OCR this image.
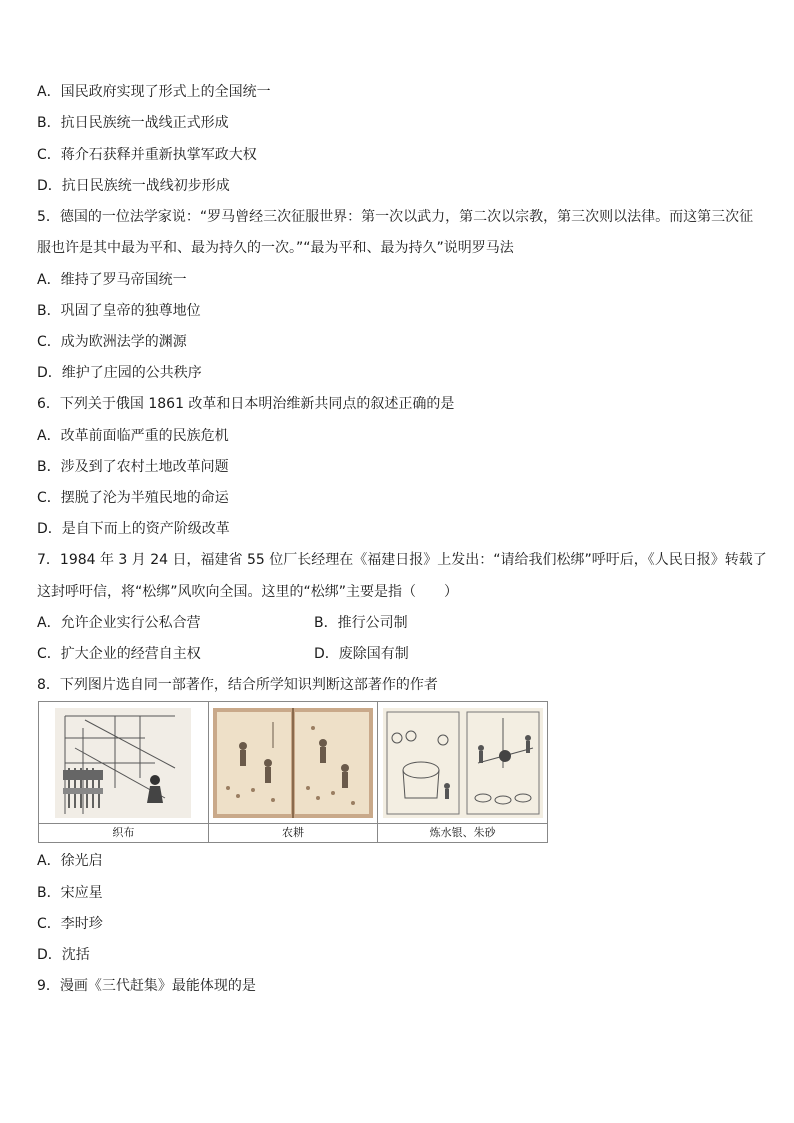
A．国民政府实现了形式上的全国统一
B．抗日民族统一战线正式形成
C．蒋介石获释并重新执掌军政大权
D．抗日民族统一战线初步形成
5．德国的一位法学家说：“罗马曾经三次征服世界：第一次以武力，第二次以宗教，第三次则以法律。而这第三次征
服也许是其中最为平和、最为持久的一次。”“最为平和、最为持久”说明罗马法
A．维持了罗马帝国统一
B．巩固了皇帝的独尊地位
C．成为欧洲法学的渊源
D．维护了庄园的公共秩序
6．下列关于俄国 1861 改革和日本明治维新共同点的叙述正确的是
A．改革前面临严重的民族危机
B．涉及到了农村土地改革问题
C．摆脱了沦为半殖民地的命运
D．是自下而上的资产阶级改革
7．1984 年 3 月 24 日，福建省 55 位厂长经理在《福建日报》上发出：“请给我们松绑”呼吁后，《人民日报》转载了
这封呼吁信，将“松绑”风吹向全国。这里的“松绑”主要是指（　　）
A．允许企业实行公私合营	B．推行公司制
C．扩大企业的经营自主权	D．废除国有制
8．下列图片选自同一部著作，结合所学知识判断这部著作的作者
织布	农耕	炼水银、朱砂
A．徐光启
B．宋应星
C．李时珍
D．沈括
9．漫画《三代赶集》最能体现的是
